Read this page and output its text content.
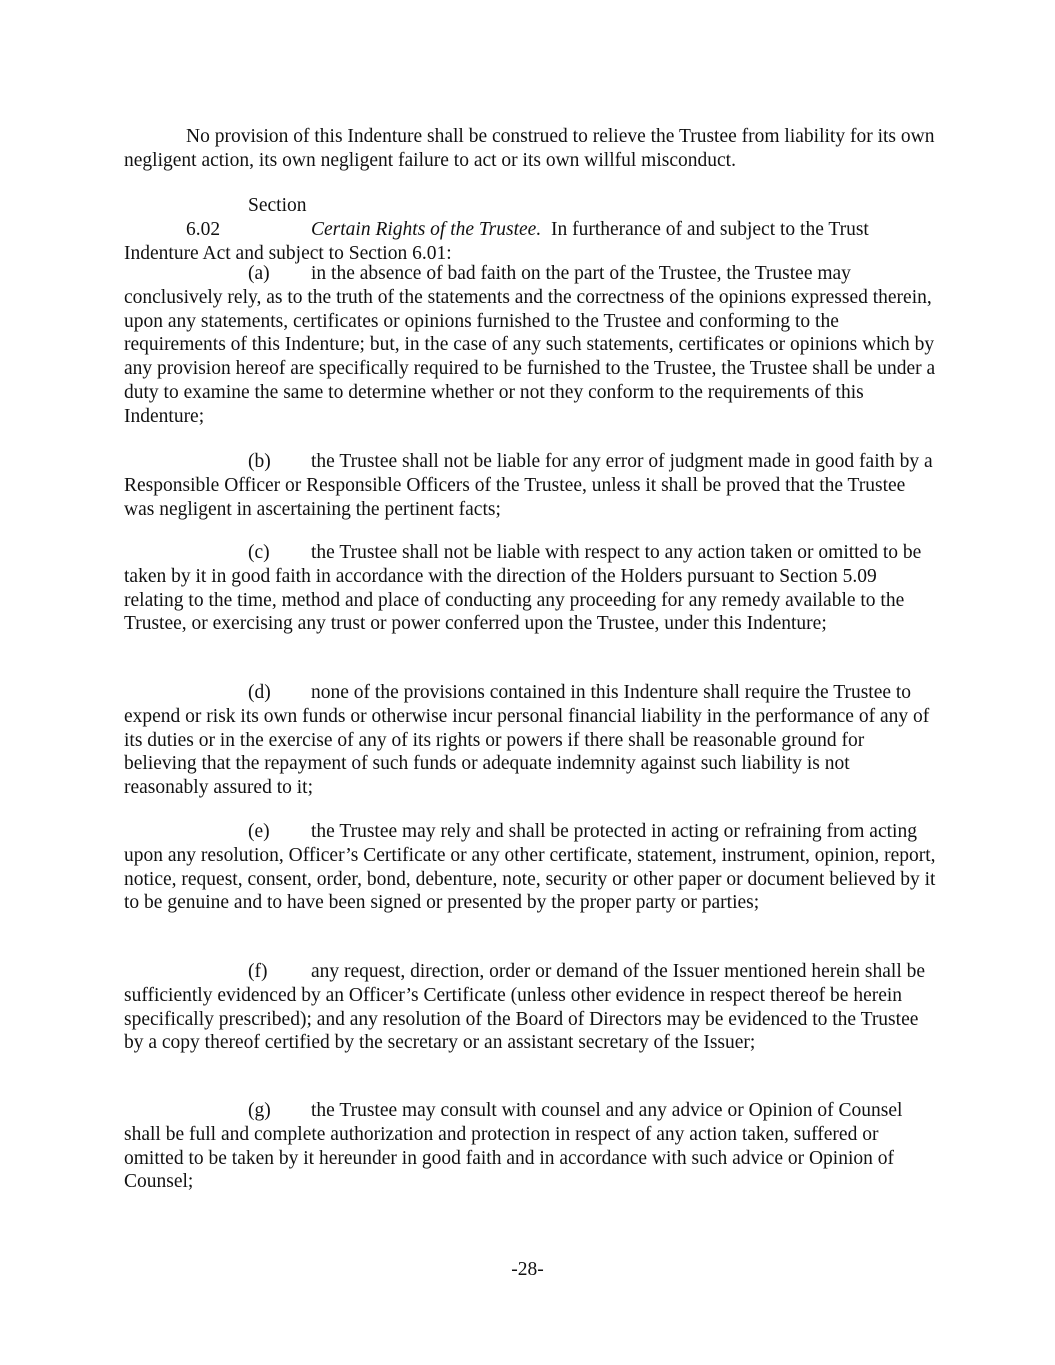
No provision of this Indenture shall be construed to relieve the Trustee from liability for its own negligent action, its own negligent failure to act or its own willful misconduct.

Section 6.02	Certain Rights of the Trustee. In furtherance of and subject to the Trust Indenture Act and subject to Section 6.01:

(a) in the absence of bad faith on the part of the Trustee, the Trustee may conclusively rely, as to the truth of the statements and the correctness of the opinions expressed therein, upon any statements, certificates or opinions furnished to the Trustee and conforming to the requirements of this Indenture; but, in the case of any such statements, certificates or opinions which by any provision hereof are specifically required to be furnished to the Trustee, the Trustee shall be under a duty to examine the same to determine whether or not they conform to the requirements of this Indenture;

(b) the Trustee shall not be liable for any error of judgment made in good faith by a Responsible Officer or Responsible Officers of the Trustee, unless it shall be proved that the Trustee was negligent in ascertaining the pertinent facts;

(c) the Trustee shall not be liable with respect to any action taken or omitted to be taken by it in good faith in accordance with the direction of the Holders pursuant to Section 5.09 relating to the time, method and place of conducting any proceeding for any remedy available to the Trustee, or exercising any trust or power conferred upon the Trustee, under this Indenture;

(d) none of the provisions contained in this Indenture shall require the Trustee to expend or risk its own funds or otherwise incur personal financial liability in the performance of any of its duties or in the exercise of any of its rights or powers if there shall be reasonable ground for believing that the repayment of such funds or adequate indemnity against such liability is not reasonably assured to it;

(e) the Trustee may rely and shall be protected in acting or refraining from acting upon any resolution, Officer’s Certificate or any other certificate, statement, instrument, opinion, report, notice, request, consent, order, bond, debenture, note, security or other paper or document believed by it to be genuine and to have been signed or presented by the proper party or parties;

(f) any request, direction, order or demand of the Issuer mentioned herein shall be sufficiently evidenced by an Officer’s Certificate (unless other evidence in respect thereof be herein specifically prescribed); and any resolution of the Board of Directors may be evidenced to the Trustee by a copy thereof certified by the secretary or an assistant secretary of the Issuer;

(g) the Trustee may consult with counsel and any advice or Opinion of Counsel shall be full and complete authorization and protection in respect of any action taken, suffered or omitted to be taken by it hereunder in good faith and in accordance with such advice or Opinion of Counsel;

-28-
